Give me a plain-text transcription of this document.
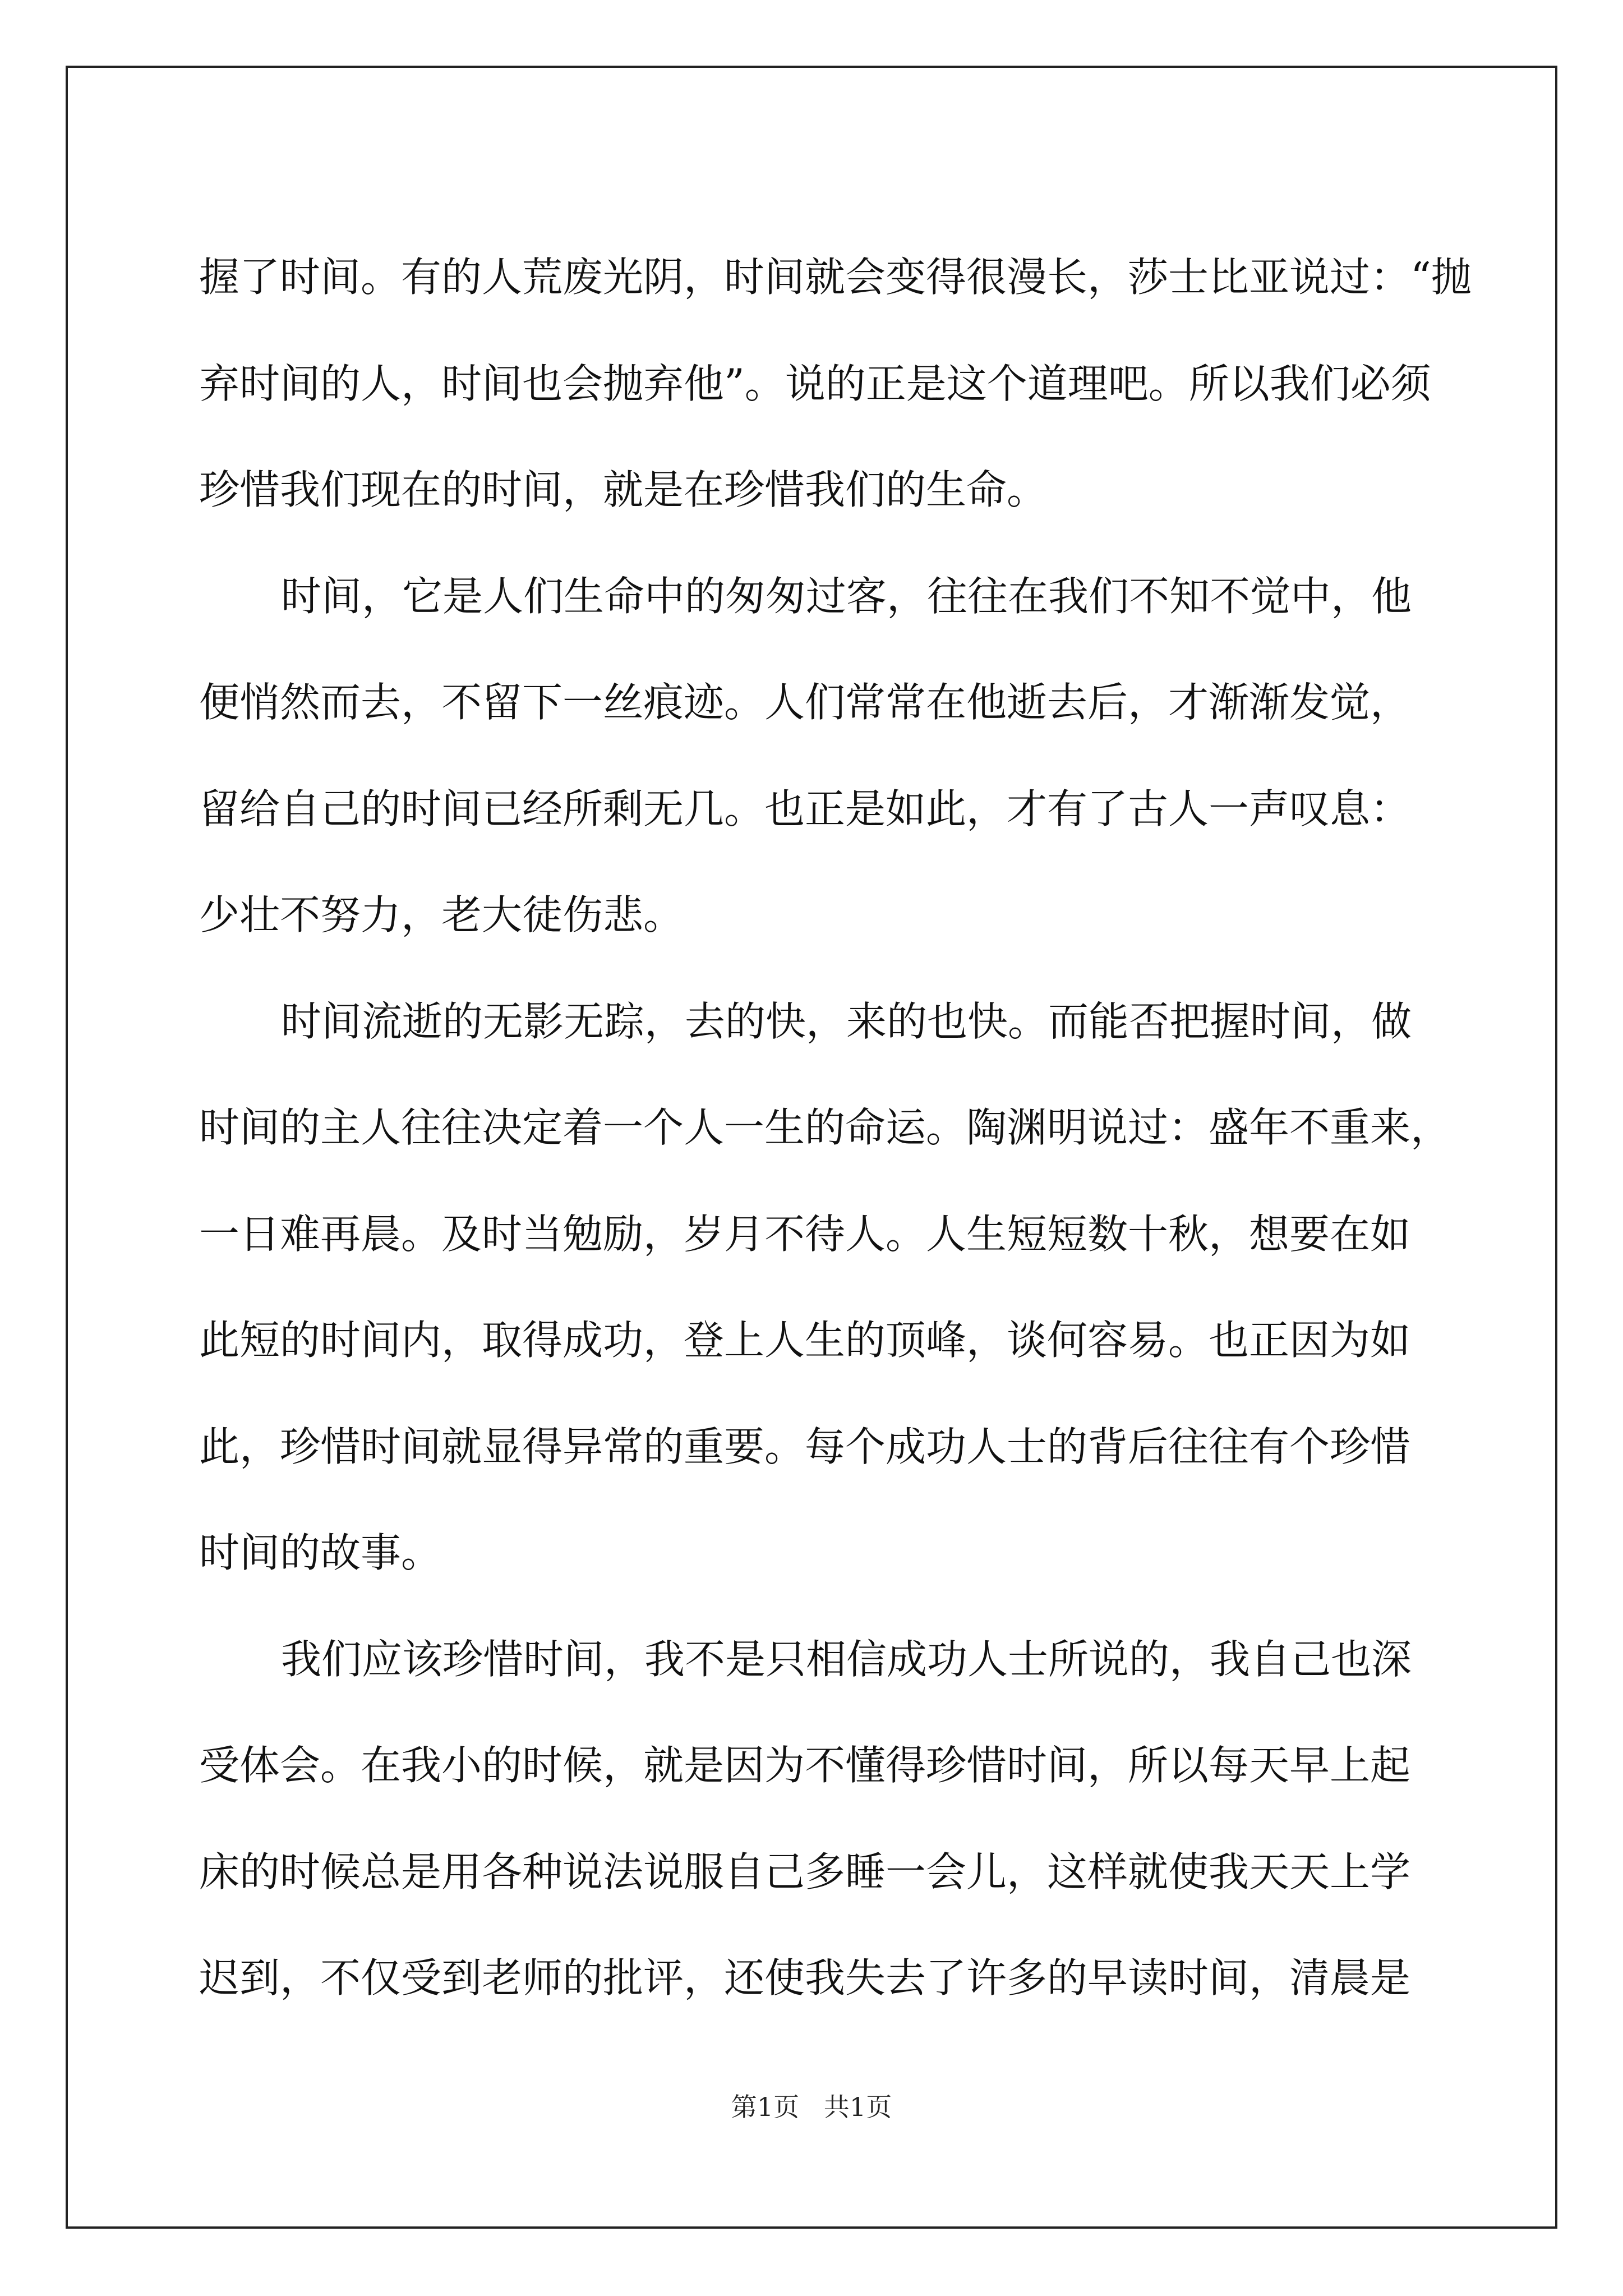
握了时间。有的人荒废光阴，时间就会变得很漫长，莎士比亚说过：“抛
弃时间的人，时间也会抛弃他”。说的正是这个道理吧。所以我们必须
珍惜我们现在的时间，就是在珍惜我们的生命。
时间，它是人们生命中的匆匆过客，往往在我们不知不觉中，他
便悄然而去，不留下一丝痕迹。人们常常在他逝去后，才渐渐发觉，
留给自己的时间已经所剩无几。也正是如此，才有了古人一声叹息：
少壮不努力，老大徒伤悲。
时间流逝的无影无踪，去的快，来的也快。而能否把握时间，做
时间的主人往往决定着一个人一生的命运。陶渊明说过：盛年不重来，
一日难再晨。及时当勉励，岁月不待人。人生短短数十秋，想要在如
此短的时间内，取得成功，登上人生的顶峰，谈何容易。也正因为如
此，珍惜时间就显得异常的重要。每个成功人士的背后往往有个珍惜
时间的故事。
我们应该珍惜时间，我不是只相信成功人士所说的，我自己也深
受体会。在我小的时候，就是因为不懂得珍惜时间，所以每天早上起
床的时候总是用各种说法说服自己多睡一会儿，这样就使我天天上学
迟到，不仅受到老师的批评，还使我失去了许多的早读时间，清晨是
第1页   共1页
